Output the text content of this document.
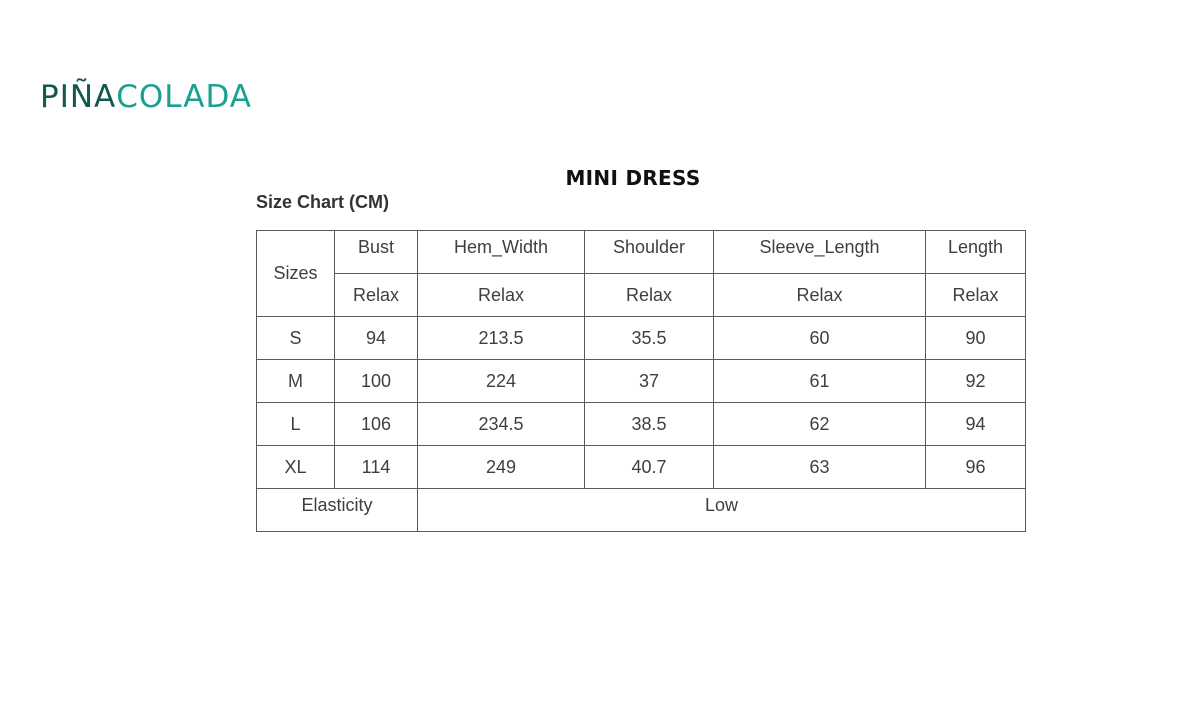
PIÑA COLADA
MINI DRESS
Size Chart (CM)
Sizes	Bust	Hem_Width	Shoulder	Sleeve_Length	Length
	Relax	Relax	Relax	Relax	Relax
S	94	213.5	35.5	60	90
M	100	224	37	61	92
L	106	234.5	38.5	62	94
XL	114	249	40.7	63	96
Elasticity		Low			
